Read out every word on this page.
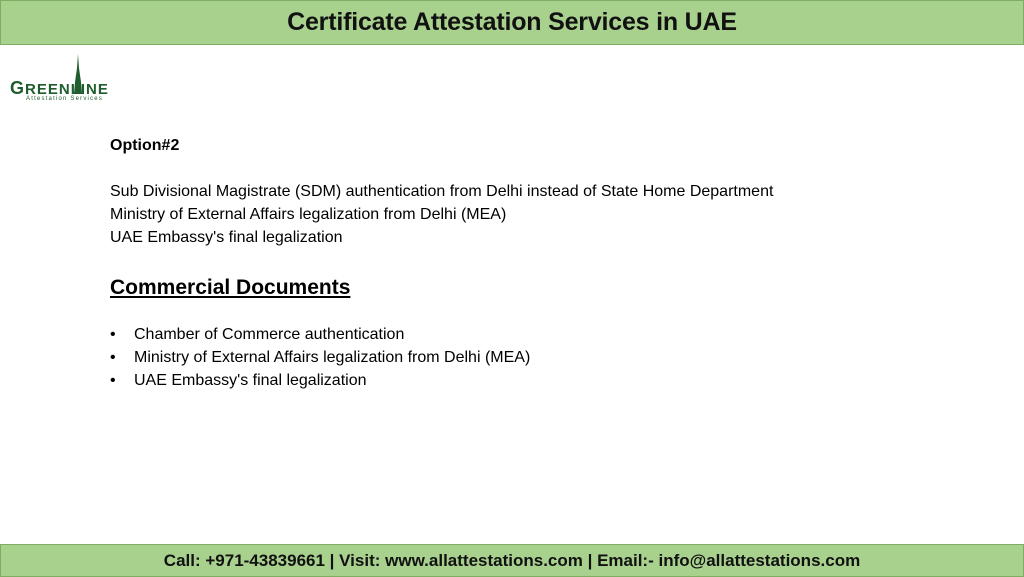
Certificate Attestation Services in UAE
GREENLINE
Attestation Services

Option#2

Sub Divisional Magistrate (SDM) authentication from Delhi instead of State Home Department

Ministry of External Affairs legalization from Delhi (MEA)

UAE Embassy's final legalization

Commercial Documents
• Chamber of Commerce authentication
• Ministry of External Affairs legalization from Delhi (MEA)
• UAE Embassy's final legalization
Call: +971-43839661 | Visit: www.allattestations.com | Email:- info@allattestations.com
